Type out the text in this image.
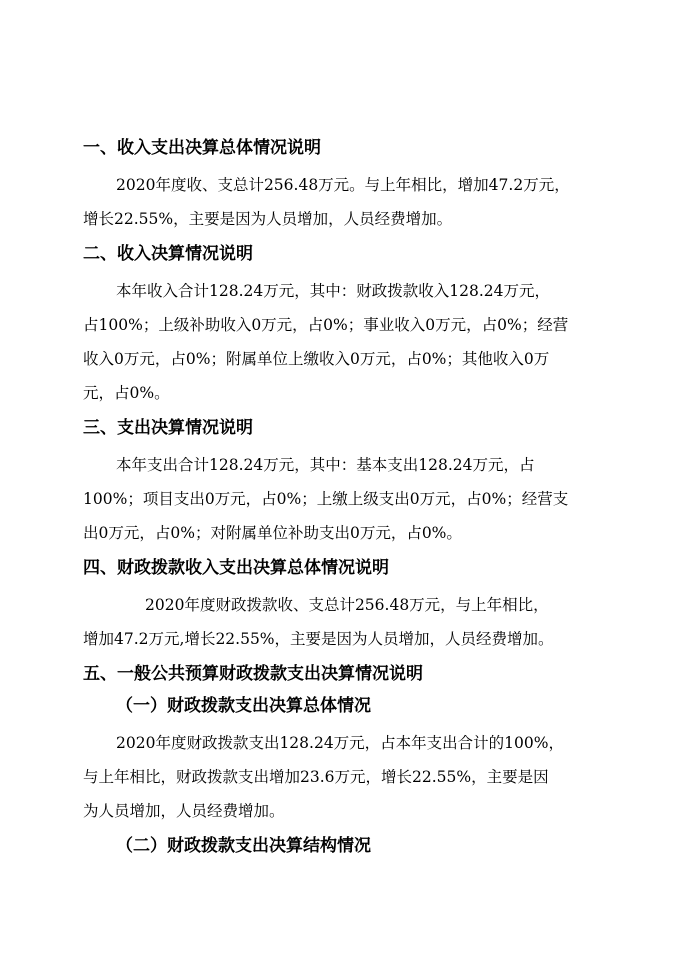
一、收入支出决算总体情况说明
2020年度收、支总计256.48万元。与上年相比，增加47.2万元，
增长22.55%，主要是因为人员增加，人员经费增加。
二、收入决算情况说明
本年收入合计128.24万元，其中：财政拨款收入128.24万元，
占100%；上级补助收入0万元，占0%；事业收入0万元，占0%；经营
收入0万元，占0%；附属单位上缴收入0万元，占0%；其他收入0万
元，占0%。
三、支出决算情况说明
本年支出合计128.24万元，其中：基本支出128.24万元，占
100%；项目支出0万元，占0%；上缴上级支出0万元，占0%；经营支
出0万元，占0%；对附属单位补助支出0万元，占0%。
四、财政拨款收入支出决算总体情况说明
2020年度财政拨款收、支总计256.48万元，与上年相比，
增加47.2万元,增长22.55%，主要是因为人员增加，人员经费增加。
五、一般公共预算财政拨款支出决算情况说明
（一）财政拨款支出决算总体情况
2020年度财政拨款支出128.24万元，占本年支出合计的100%，
与上年相比，财政拨款支出增加23.6万元，增长22.55%，主要是因
为人员增加，人员经费增加。
（二）财政拨款支出决算结构情况
